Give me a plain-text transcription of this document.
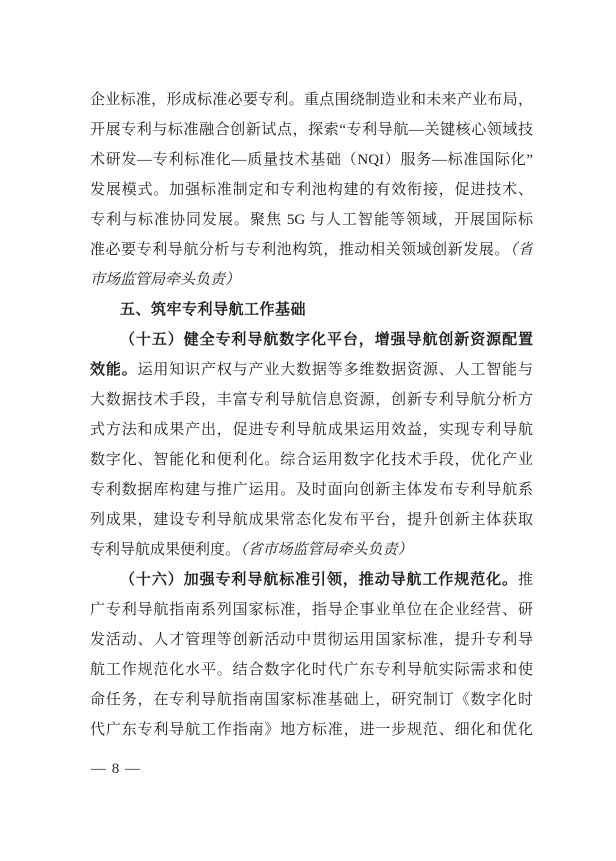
企业标准，形成标准必要专利。重点围绕制造业和未来产业布局，
开展专利与标准融合创新试点，探索“专利导航—关键核心领域技
术研发—专利标准化—质量技术基础（NQI）服务—标准国际化”
发展模式。加强标准制定和专利池构建的有效衔接，促进技术、
专利与标准协同发展。聚焦 5G 与人工智能等领域，开展国际标
准必要专利导航分析与专利池构筑，推动相关领域创新发展。（省
市场监管局牵头负责）
五、筑牢专利导航工作基础
（十五）健全专利导航数字化平台，增强导航创新资源配置
效能。运用知识产权与产业大数据等多维数据资源、人工智能与
大数据技术手段，丰富专利导航信息资源，创新专利导航分析方
式方法和成果产出，促进专利导航成果运用效益，实现专利导航
数字化、智能化和便利化。综合运用数字化技术手段，优化产业
专利数据库构建与推广运用。及时面向创新主体发布专利导航系
列成果，建设专利导航成果常态化发布平台，提升创新主体获取
专利导航成果便利度。（省市场监管局牵头负责）
（十六）加强专利导航标准引领，推动导航工作规范化。推
广专利导航指南系列国家标准，指导企事业单位在企业经营、研
发活动、人才管理等创新活动中贯彻运用国家标准，提升专利导
航工作规范化水平。结合数字化时代广东专利导航实际需求和使
命任务，在专利导航指南国家标准基础上，研究制订《数字化时
代广东专利导航工作指南》地方标准，进一步规范、细化和优化
— 8 —
